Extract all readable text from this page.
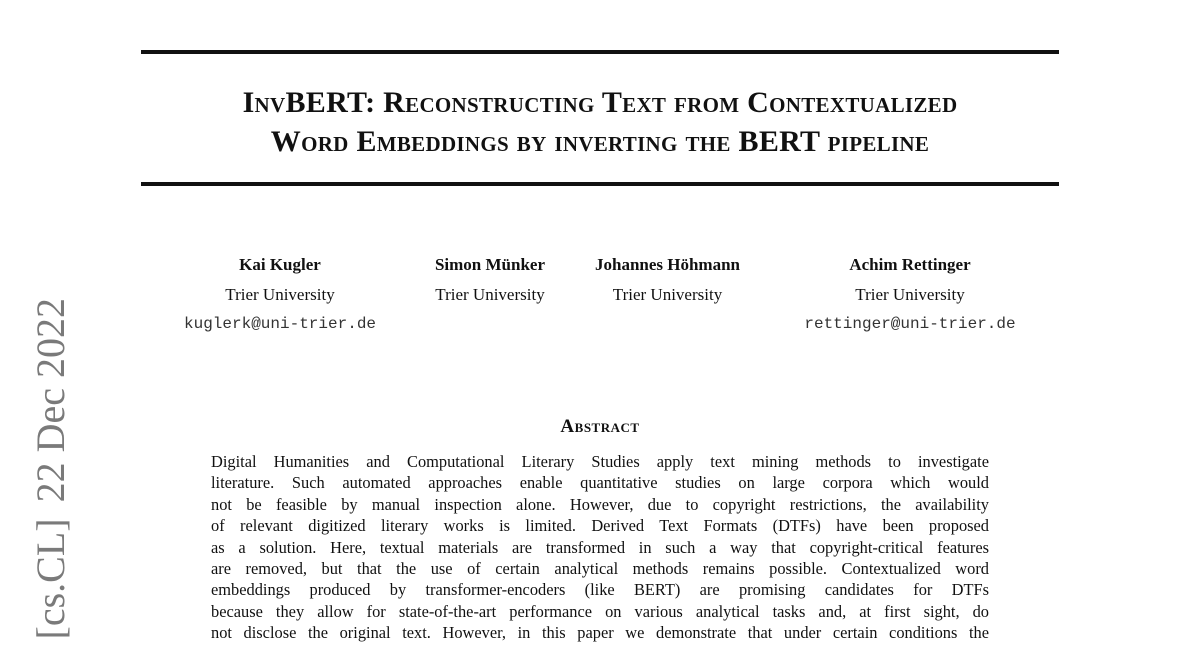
InvBERT: Reconstructing Text from Contextualized
Word Embeddings by inverting the BERT pipeline
Kai Kugler
Trier University
kuglerk@uni-trier.de
Simon Münker
Trier University
Johannes Höhmann
Trier University
Achim Rettinger
Trier University
rettinger@uni-trier.de
[cs.CL]22 Dec 2022	Abstract
Digital Humanities and Computational Literary Studies apply text mining methods to investigate
literature. Such automated approaches enable quantitative studies on large corpora which would
not be feasible by manual inspection alone. However, due to copyright restrictions, the availability
of relevant digitized literary works is limited. Derived Text Formats (DTFs) have been proposed
as a solution. Here, textual materials are transformed in such a way that copyright-critical features
are removed, but that the use of certain analytical methods remains possible. Contextualized word
embeddings produced by transformer-encoders (like BERT) are promising candidates for DTFs
because they allow for state-of-the-art performance on various analytical tasks and, at first sight, do
not disclose the original text. However, in this paper we demonstrate that under certain conditions the
